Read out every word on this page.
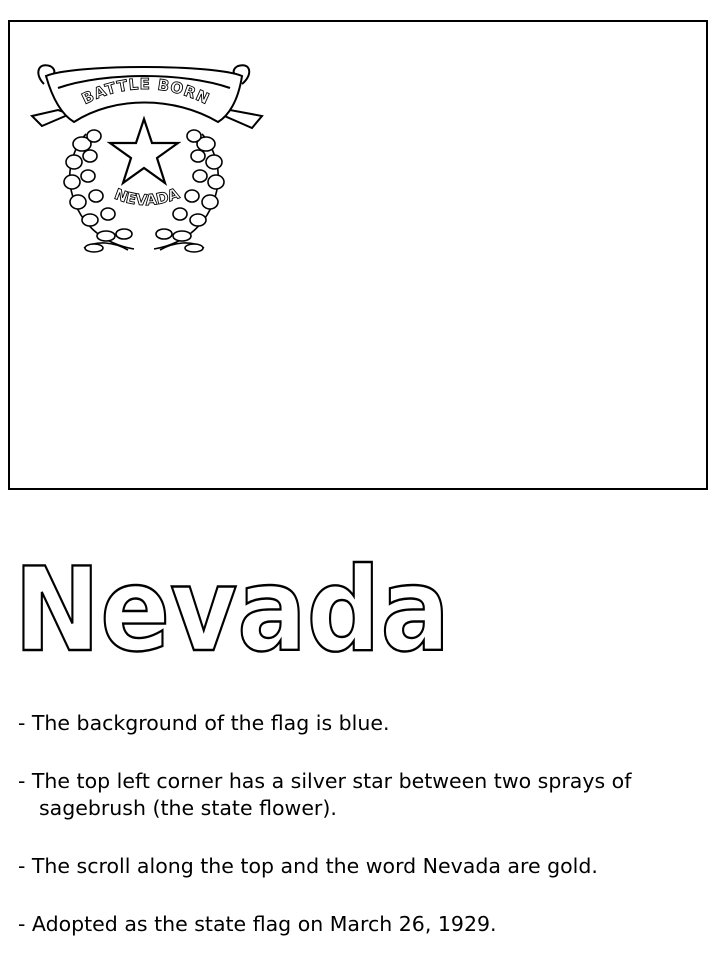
BATTLE BORN
NEVADA
Nevada
- The background of the flag is blue.
- The top left corner has a silver star between two sprays of sagebrush (the state flower).
- The scroll along the top and the word Nevada are gold.
- Adopted as the state flag on March 26, 1929.
